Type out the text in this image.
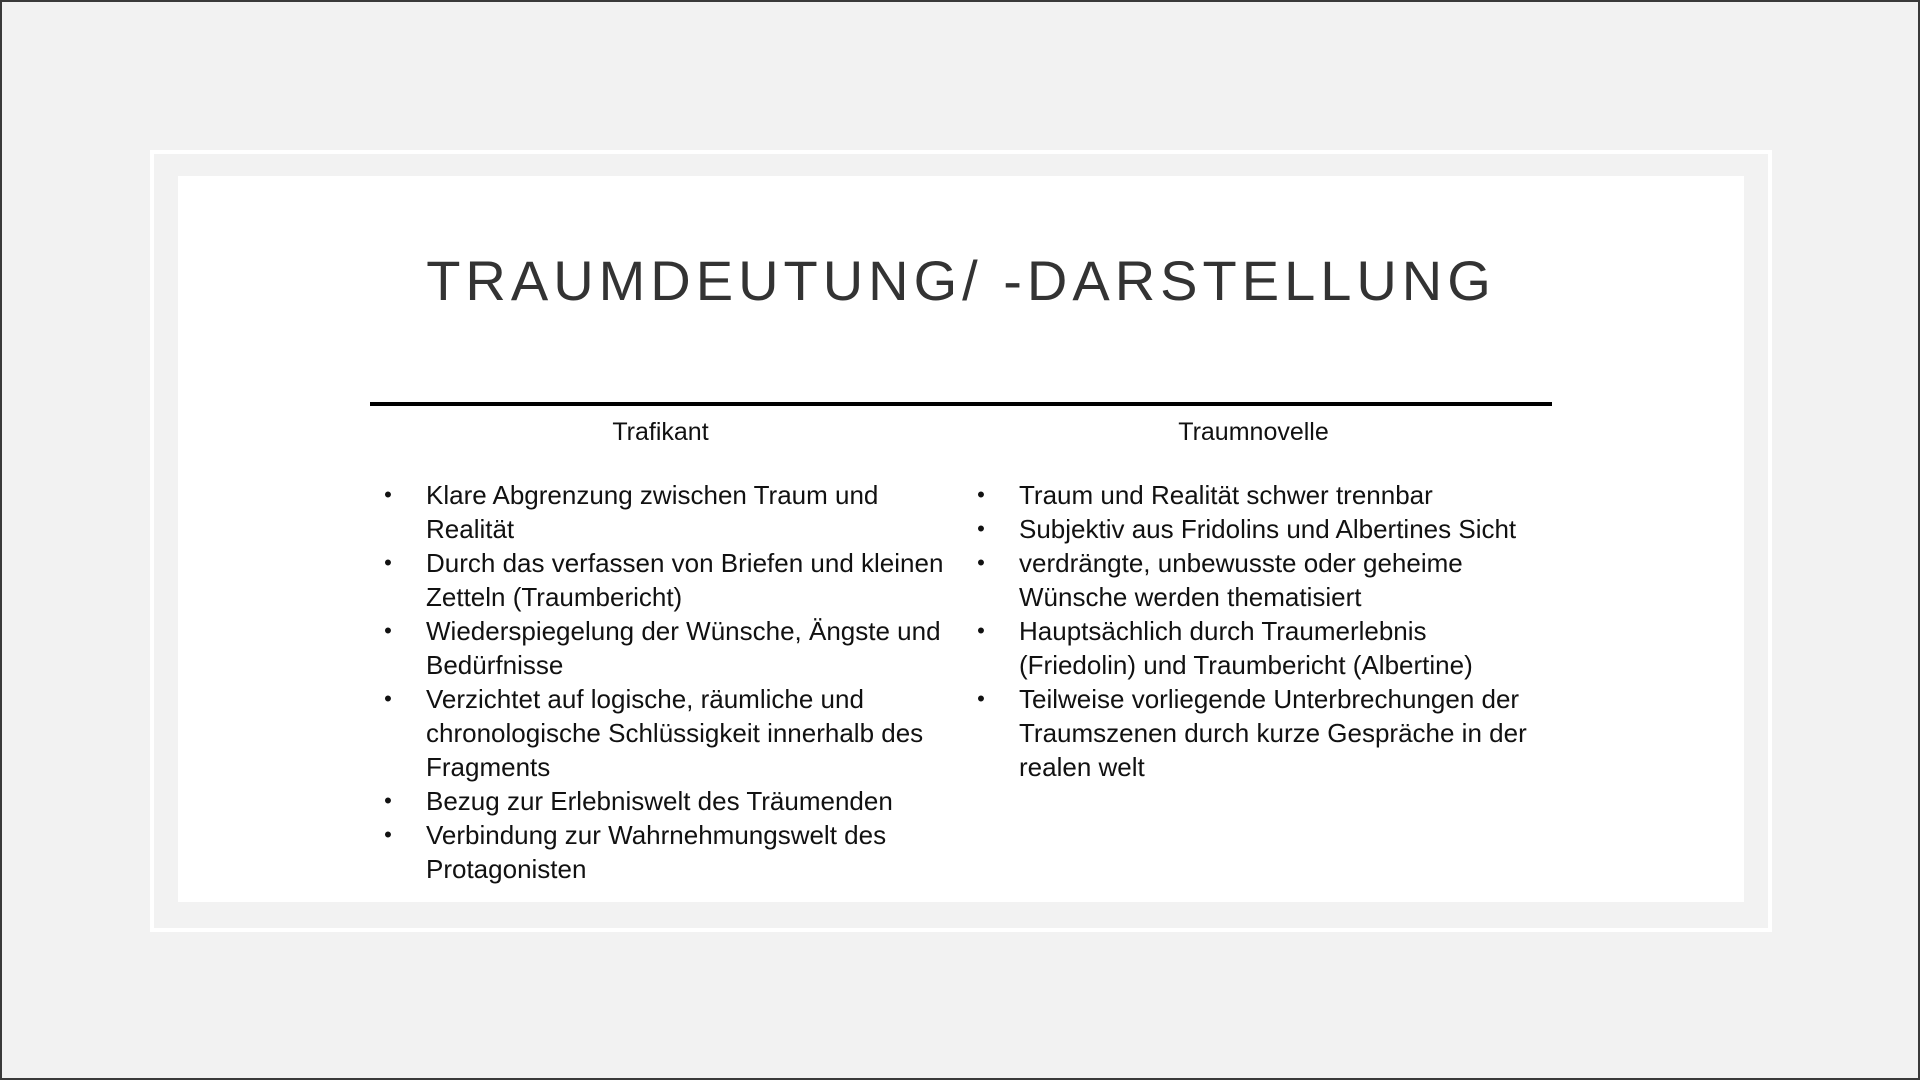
TRAUMDEUTUNG/ -DARSTELLUNG
Trafikant
• Klare Abgrenzung zwischen Traum und Realität
• Durch das verfassen von Briefen und kleinen Zetteln (Traumbericht)
• Wiederspiegelung der Wünsche, Ängste und Bedürfnisse
• Verzichtet auf logische, räumliche und chronologische Schlüssigkeit innerhalb des Fragments
• Bezug zur Erlebniswelt des Träumenden
• Verbindung zur Wahrnehmungswelt des Protagonisten
Traumnovelle
• Traum und Realität schwer trennbar
• Subjektiv aus Fridolins und Albertines Sicht
• verdrängte, unbewusste oder geheime Wünsche werden thematisiert
• Hauptsächlich durch Traumerlebnis (Friedolin) und Traumbericht (Albertine)
• Teilweise vorliegende Unterbrechungen der Traumszenen durch kurze Gespräche in der realen welt
